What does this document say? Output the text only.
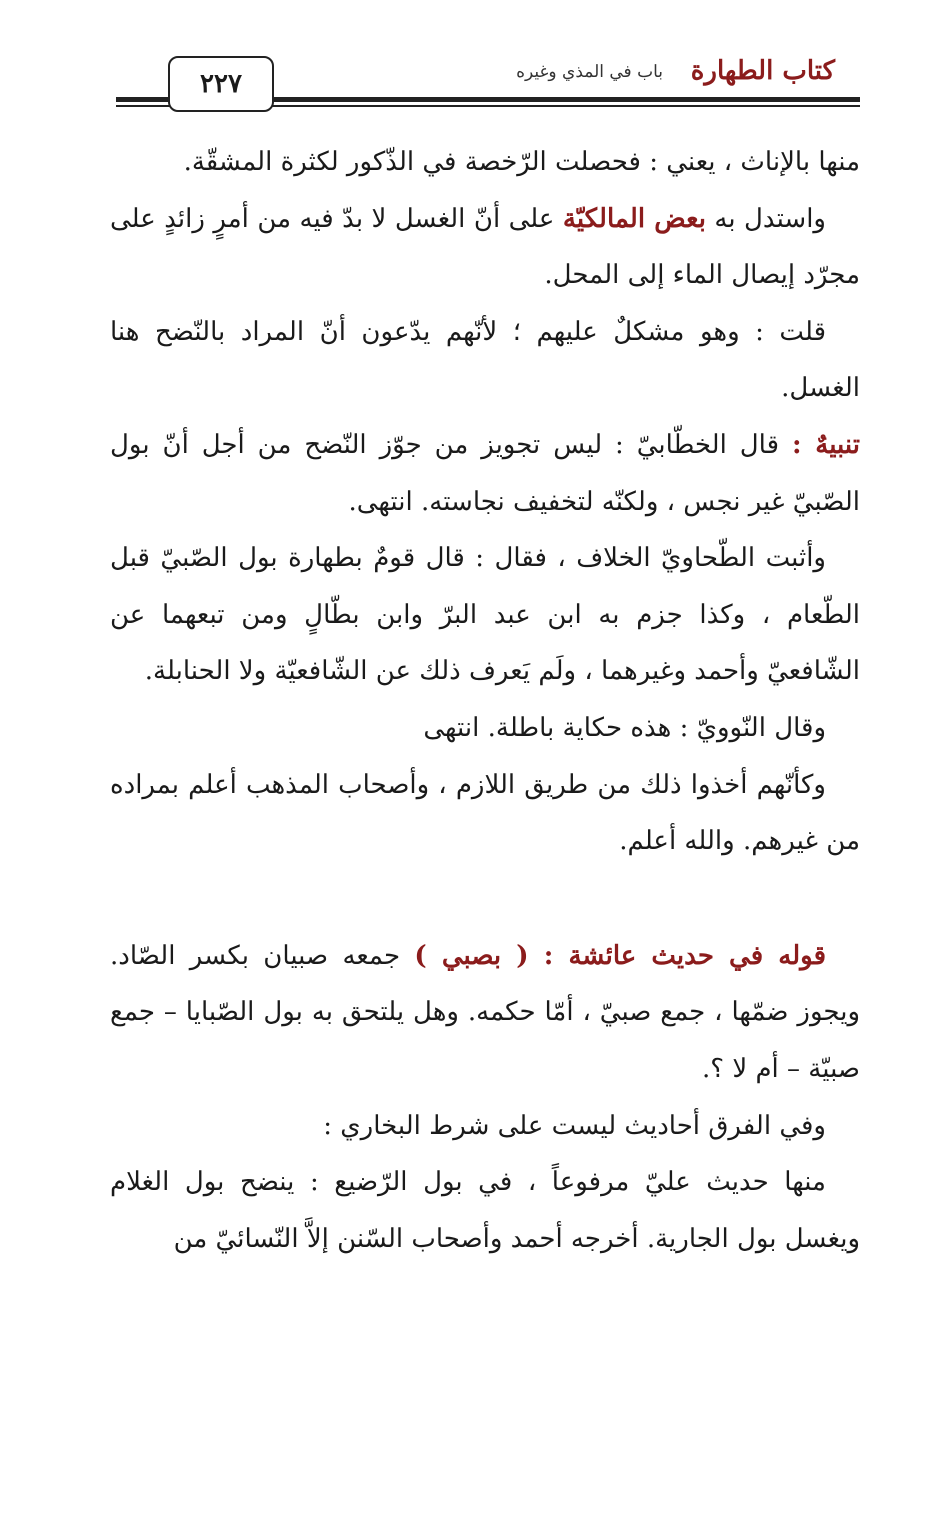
٢٢٧	كتاب الطهارة
باب في المذي وغيره

منها بالإناث ، يعني : فحصلت الرّخصة في الذّكور لكثرة المشقّة.

واستدل به بعض المالكيّة على أنّ الغسل لا بدّ فيه من أمرٍ زائدٍ على مجرّد إيصال الماء إلى المحل.

قلت : وهو مشكلٌ عليهم ؛ لأنّهم يدّعون أنّ المراد بالنّضح هنا الغسل.

تنبيهٌ : قال الخطّابيّ : ليس تجويز من جوّز النّضح من أجل أنّ بول الصّبيّ غير نجس ، ولكنّه لتخفيف نجاسته. انتهى.

وأثبت الطّحاويّ الخلاف ، فقال : قال قومٌ بطهارة بول الصّبيّ قبل الطّعام ، وكذا جزم به ابن عبد البرّ وابن بطّالٍ ومن تبعهما عن الشّافعيّ وأحمد وغيرهما ، ولَم يَعرف ذلك عن الشّافعيّة ولا الحنابلة.

وقال النّوويّ : هذه حكاية باطلة. انتهى

وكأنّهم أخذوا ذلك من طريق اللازم ، وأصحاب المذهب أعلم بمراده من غيرهم. والله أعلم.

قوله في حديث عائشة : ( بصبي ) جمعه صبيان بكسر الصّاد. ويجوز ضمّها ، جمع صبيّ ، أمّا حكمه. وهل يلتحق به بول الصّبايا – جمع صبيّة – أم لا ؟.

وفي الفرق أحاديث ليست على شرط البخاري :

منها حديث عليّ مرفوعاً ، في بول الرّضيع : ينضح بول الغلام ويغسل بول الجارية. أخرجه أحمد وأصحاب السّنن إلاَّ النّسائيّ من
